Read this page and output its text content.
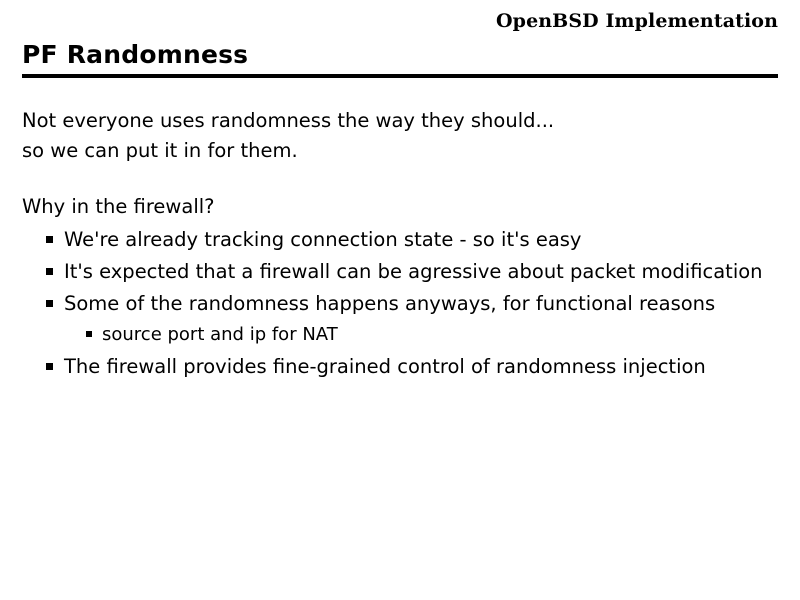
OpenBSD Implementation
PF Randomness

Not everyone uses randomness the way they should...

so we can put it in for them.

Why in the firewall?

We're already tracking connection state - so it's easy
It's expected that a firewall can be agressive about packet modification
Some of the randomness happens anyways, for functional reasons
source port and ip for NAT
The firewall provides fine-grained control of randomness injection
